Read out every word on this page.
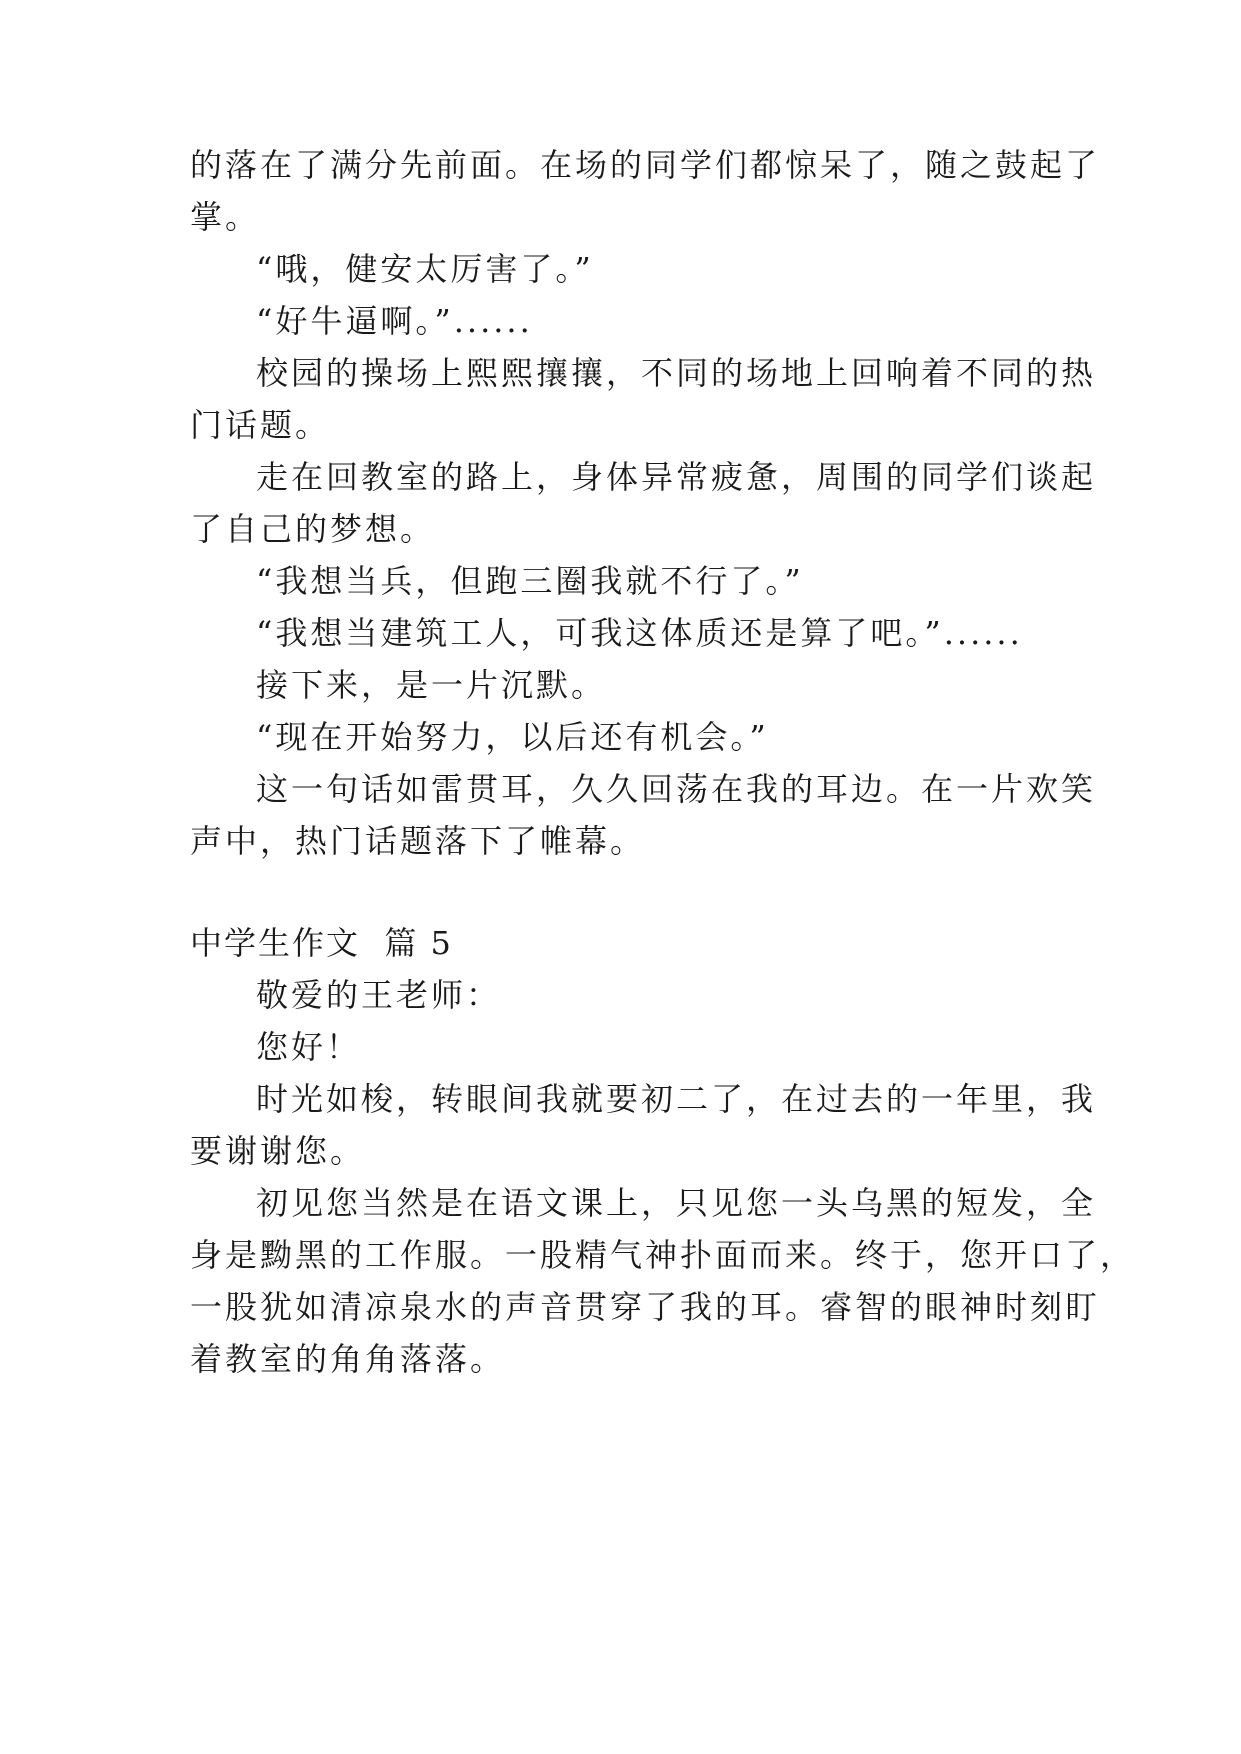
的落在了满分先前面。在场的同学们都惊呆了，随之鼓起了
掌。
“哦，健安太厉害了。”
“好牛逼啊。”......
校园的操场上熙熙攘攘，不同的场地上回响着不同的热
门话题。
走在回教室的路上，身体异常疲惫，周围的同学们谈起
了自己的梦想。
“我想当兵，但跑三圈我就不行了。”
“我想当建筑工人，可我这体质还是算了吧。”......
接下来，是一片沉默。
“现在开始努力，以后还有机会。”
这一句话如雷贯耳，久久回荡在我的耳边。在一片欢笑
声中，热门话题落下了帷幕。
中学生作文  篇 5
敬爱的王老师：
您好！
时光如梭，转眼间我就要初二了，在过去的一年里，我
要谢谢您。
初见您当然是在语文课上，只见您一头乌黑的短发，全
身是黝黑的工作服。一股精气神扑面而来。终于，您开口了，
一股犹如清凉泉水的声音贯穿了我的耳。睿智的眼神时刻盯
着教室的角角落落。
